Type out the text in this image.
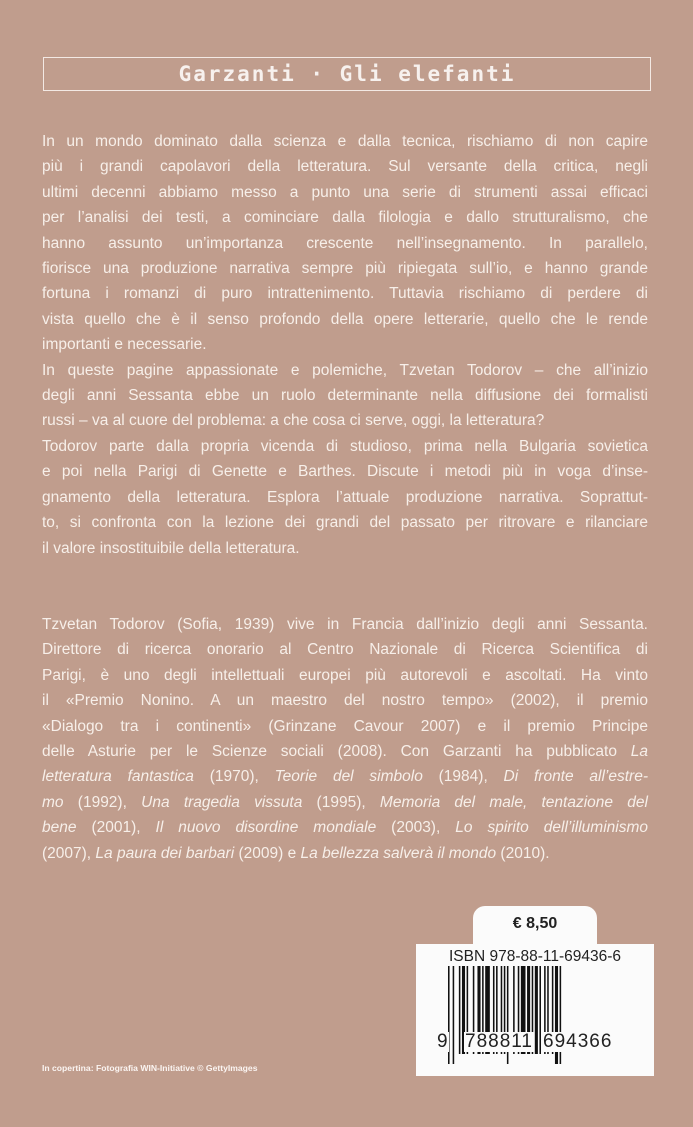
Garzanti · Gli elefanti
In un mondo dominato dalla scienza e dalla tecnica, rischiamo di non capire
più i grandi capolavori della letteratura. Sul versante della critica, negli
ultimi decenni abbiamo messo a punto una serie di strumenti assai efficaci
per l’analisi dei testi, a cominciare dalla filologia e dallo strutturalismo, che
hanno assunto un’importanza crescente nell’insegnamento. In parallelo,
fiorisce una produzione narrativa sempre più ripiegata sull’io, e hanno grande
fortuna i romanzi di puro intrattenimento. Tuttavia rischiamo di perdere di
vista quello che è il senso profondo della opere letterarie, quello che le rende
importanti e necessarie.
In queste pagine appassionate e polemiche, Tzvetan Todorov – che all’inizio
degli anni Sessanta ebbe un ruolo determinante nella diffusione dei formalisti
russi – va al cuore del problema: a che cosa ci serve, oggi, la letteratura?
Todorov parte dalla propria vicenda di studioso, prima nella Bulgaria sovietica
e poi nella Parigi di Genette e Barthes. Discute i metodi più in voga d’inse-
gnamento della letteratura. Esplora l’attuale produzione narrativa. Soprattut-
to, si confronta con la lezione dei grandi del passato per ritrovare e rilanciare
il valore insostituibile della letteratura.
Tzvetan Todorov (Sofia, 1939) vive in Francia dall’inizio degli anni Sessanta.
Direttore di ricerca onorario al Centro Nazionale di Ricerca Scientifica di
Parigi, è uno degli intellettuali europei più autorevoli e ascoltati. Ha vinto
il «Premio Nonino. A un maestro del nostro tempo» (2002), il premio
«Dialogo tra i continenti» (Grinzane Cavour 2007) e il premio Principe
delle Asturie per le Scienze sociali (2008). Con Garzanti ha pubblicato La
letteratura fantastica (1970), Teorie del simbolo (1984), Di fronte all’estre-
mo (1992), Una tragedia vissuta (1995), Memoria del male, tentazione del
bene (2001), Il nuovo disordine mondiale (2003), Lo spirito dell’illuminismo
(2007), La paura dei barbari (2009) e La bellezza salverà il mondo (2010).
€ 8,50
ISBN 978-88-11-69436-6
9 788811 694366
In copertina: Fotografia WIN-Initiative © GettyImages
